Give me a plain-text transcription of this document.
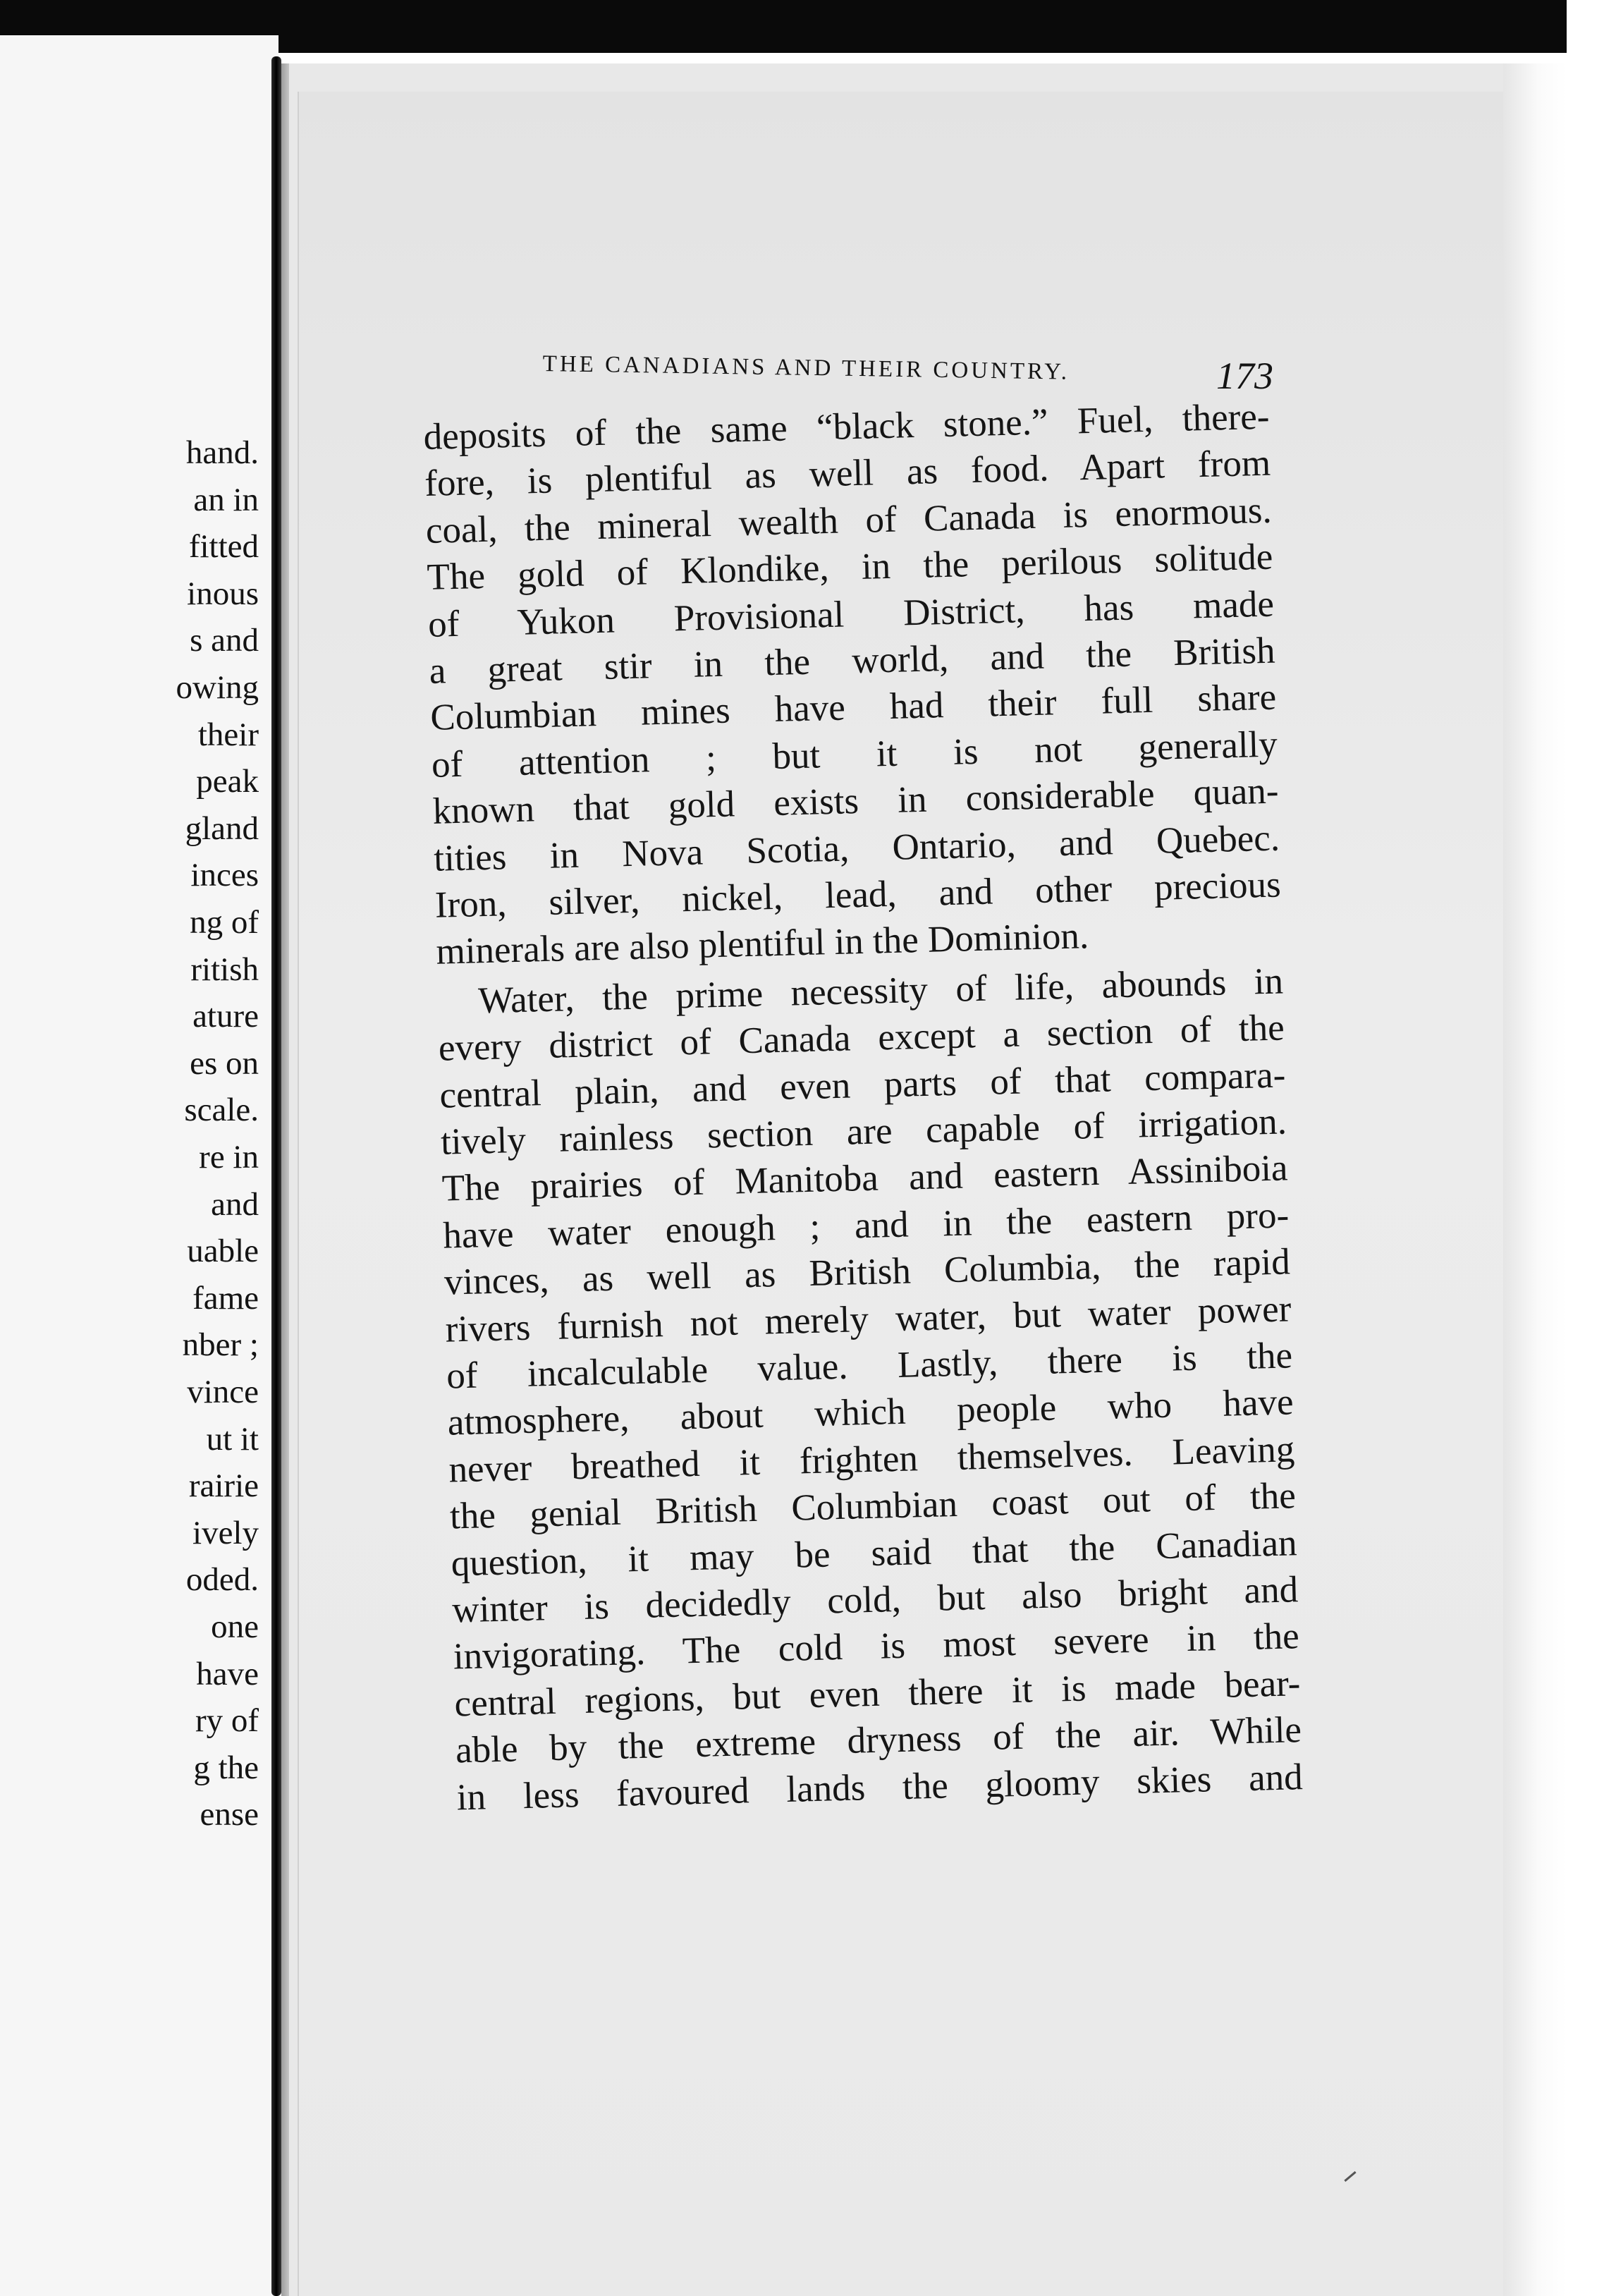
hand.
an in
fitted
inous
s and
owing
their
peak
gland
inces
ng of
ritish
ature
es on
scale.
re in
and
uable
fame
nber ;
vince
ut it
rairie
ively
oded.
one
have
ry of
g the
ense
THE CANADIANS AND THEIR COUNTRY.	173
deposits of the same “black stone.” Fuel, there-
fore, is plentiful as well as food. Apart from
coal, the mineral wealth of Canada is enormous.
The gold of Klondike, in the perilous solitude
of Yukon Provisional District, has made
a great stir in the world, and the British
Columbian mines have had their full share
of attention ; but it is not generally
known that gold exists in considerable quan-
tities in Nova Scotia, Ontario, and Quebec.
Iron, silver, nickel, lead, and other precious
minerals are also plentiful in the Dominion.
Water, the prime necessity of life, abounds in
every district of Canada except a section of the
central plain, and even parts of that compara-
tively rainless section are capable of irrigation.
The prairies of Manitoba and eastern Assiniboia
have water enough ; and in the eastern pro-
vinces, as well as British Columbia, the rapid
rivers furnish not merely water, but water power
of incalculable value. Lastly, there is the
atmosphere, about which people who have
never breathed it frighten themselves. Leaving
the genial British Columbian coast out of the
question, it may be said that the Canadian
winter is decidedly cold, but also bright and
invigorating. The cold is most severe in the
central regions, but even there it is made bear-
able by the extreme dryness of the air. While
in less favoured lands the gloomy skies and
